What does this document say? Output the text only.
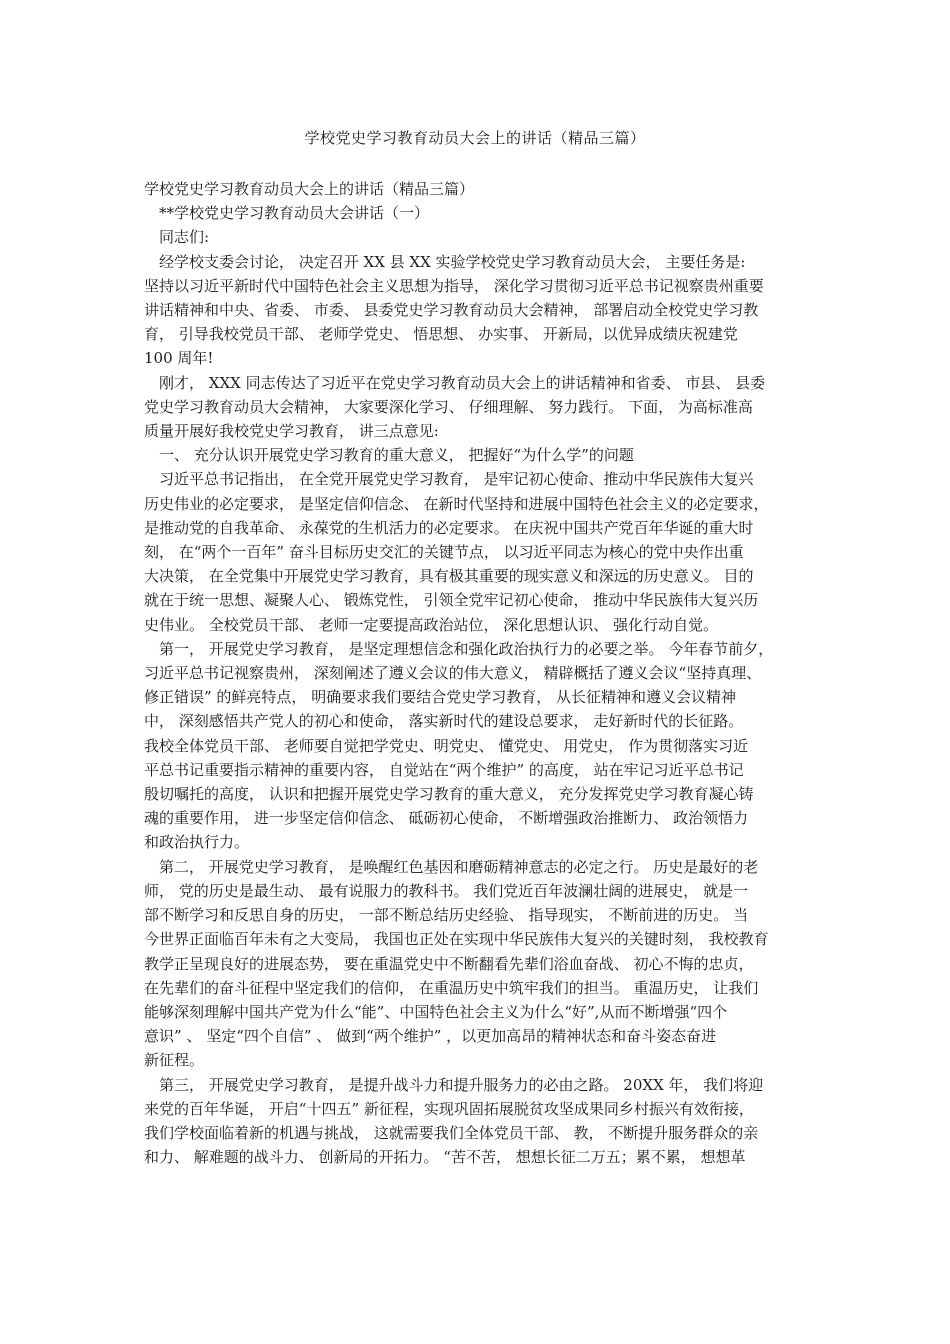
学校党史学习教育动员大会上的讲话（精品三篇）
学校党史学习教育动员大会上的讲话（精品三篇）
　**学校党史学习教育动员大会讲话（一）
　同志们:
　经学校支委会讨论， 决定召开 XX 县 XX 实验学校党史学习教育动员大会， 主要任务是:
坚持以习近平新时代中国特色社会主义思想为指导， 深化学习贯彻习近平总书记视察贵州重要
讲话精神和中央、省委、 市委、 县委党史学习教育动员大会精神， 部署启动全校党史学习教
育， 引导我校党员干部、 老师学党史、 悟思想、 办实事、 开新局，以优异成绩庆祝建党
100 周年!
　刚才， XXX 同志传达了习近平在党史学习教育动员大会上的讲话精神和省委、 市县、 县委
党史学习教育动员大会精神， 大家要深化学习、 仔细理解、 努力践行。 下面， 为高标准高
质量开展好我校党史学习教育， 讲三点意见:
　一、 充分认识开展党史学习教育的重大意义， 把握好“为什么学”的问题
　习近平总书记指出， 在全党开展党史学习教育， 是牢记初心使命、推动中华民族伟大复兴
历史伟业的必定要求， 是坚定信仰信念、 在新时代坚持和进展中国特色社会主义的必定要求，
是推动党的自我革命、 永葆党的生机活力的必定要求。 在庆祝中国共产党百年华诞的重大时
刻， 在“两个一百年” 奋斗目标历史交汇的关键节点， 以习近平同志为核心的党中央作出重
大决策， 在全党集中开展党史学习教育，具有极其重要的现实意义和深远的历史意义。 目的
就在于统一思想、凝聚人心、 锻炼党性， 引领全党牢记初心使命， 推动中华民族伟大复兴历
史伟业。 全校党员干部、 老师一定要提高政治站位， 深化思想认识、 强化行动自觉。
　第一， 开展党史学习教育， 是坚定理想信念和强化政治执行力的必要之举。 今年春节前夕，
习近平总书记视察贵州， 深刻阐述了遵义会议的伟大意义， 精辟概括了遵义会议“坚持真理、
修正错误” 的鲜亮特点， 明确要求我们要结合党史学习教育， 从长征精神和遵义会议精神
中， 深刻感悟共产党人的初心和使命， 落实新时代的建设总要求， 走好新时代的长征路。
我校全体党员干部、 老师要自觉把学党史、明党史、 懂党史、 用党史， 作为贯彻落实习近
平总书记重要指示精神的重要内容， 自觉站在“两个维护” 的高度， 站在牢记习近平总书记
殷切嘱托的高度， 认识和把握开展党史学习教育的重大意义， 充分发挥党史学习教育凝心铸
魂的重要作用， 进一步坚定信仰信念、 砥砺初心使命， 不断增强政治推断力、 政治领悟力
和政治执行力。
　第二， 开展党史学习教育， 是唤醒红色基因和磨砺精神意志的必定之行。 历史是最好的老
师， 党的历史是最生动、 最有说服力的教科书。 我们党近百年波澜壮阔的进展史， 就是一
部不断学习和反思自身的历史， 一部不断总结历史经验、 指导现实， 不断前进的历史。 当
今世界正面临百年未有之大变局， 我国也正处在实现中华民族伟大复兴的关键时刻， 我校教育
教学正呈现良好的进展态势， 要在重温党史中不断翻看先辈们浴血奋战、 初心不悔的忠贞，
在先辈们的奋斗征程中坚定我们的信仰， 在重温历史中筑牢我们的担当。 重温历史， 让我们
能够深刻理解中国共产党为什么“能”、中国特色社会主义为什么“好”,从而不断增强“四个
意识” 、 坚定“四个自信” 、 做到“两个维护” ，以更加高昂的精神状态和奋斗姿态奋进
新征程。
　第三， 开展党史学习教育， 是提升战斗力和提升服务力的必由之路。 20XX 年， 我们将迎
来党的百年华诞， 开启“十四五” 新征程，实现巩固拓展脱贫攻坚成果同乡村振兴有效衔接，
我们学校面临着新的机遇与挑战， 这就需要我们全体党员干部、 教， 不断提升服务群众的亲
和力、 解难题的战斗力、 创新局的开拓力。 “苦不苦， 想想长征二万五；累不累， 想想革
